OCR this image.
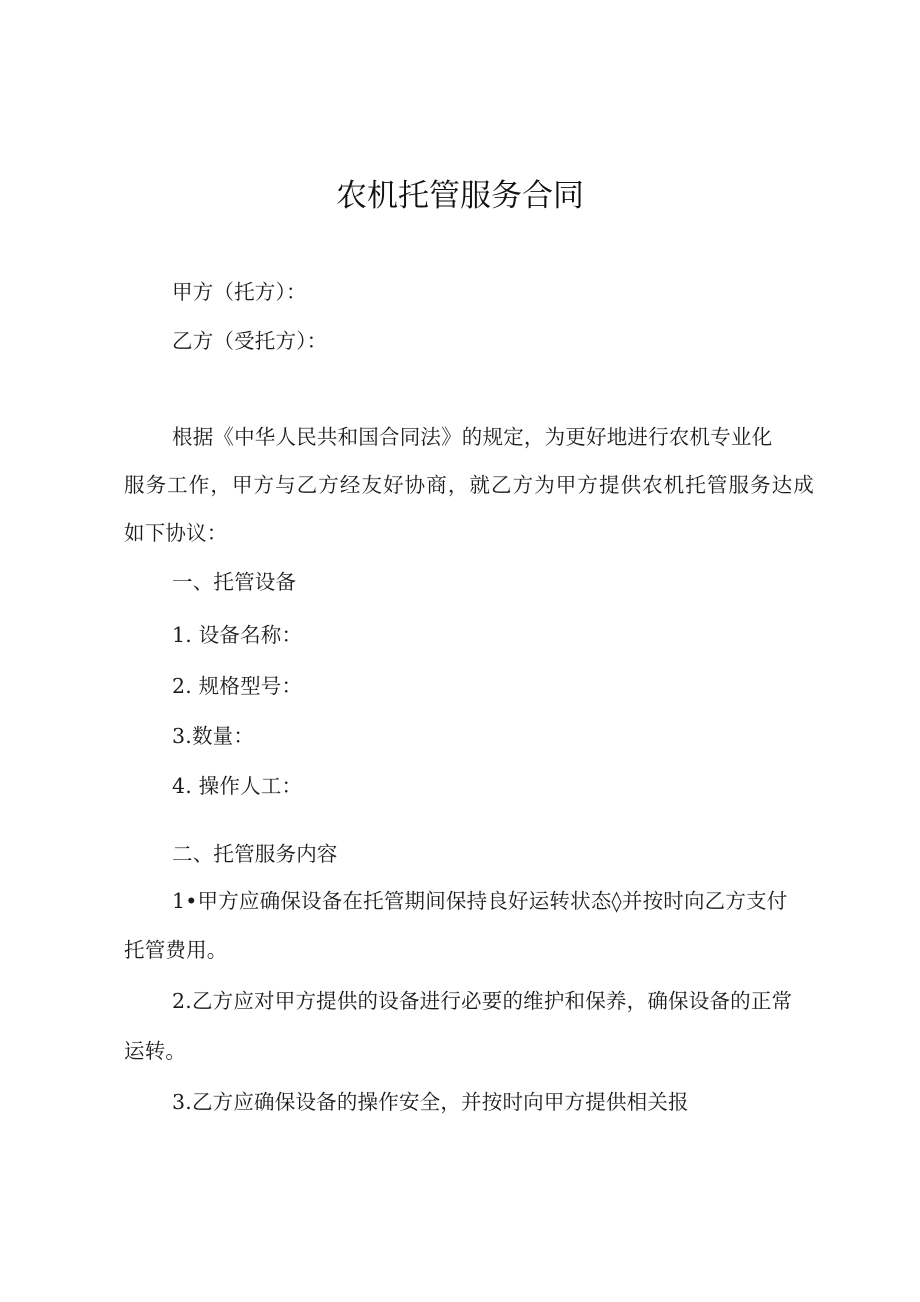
农机托管服务合同
甲方（托方）：
乙方（受托方）：
根据《中华人民共和国合同法》的规定，为更好地进行农机专业化
服务工作，甲方与乙方经友好协商，就乙方为甲方提供农机托管服务达成
如下协议：
一、托管设备
1. 设备名称：
2. 规格型号：
3.数量：
4. 操作人工：
二、托管服务内容
1•甲方应确保设备在托管期间保持良好运转状态◊并按时向乙方支付
托管费用。
2.乙方应对甲方提供的设备进行必要的维护和保养，确保设备的正常
运转。
3.乙方应确保设备的操作安全，并按时向甲方提供相关报
